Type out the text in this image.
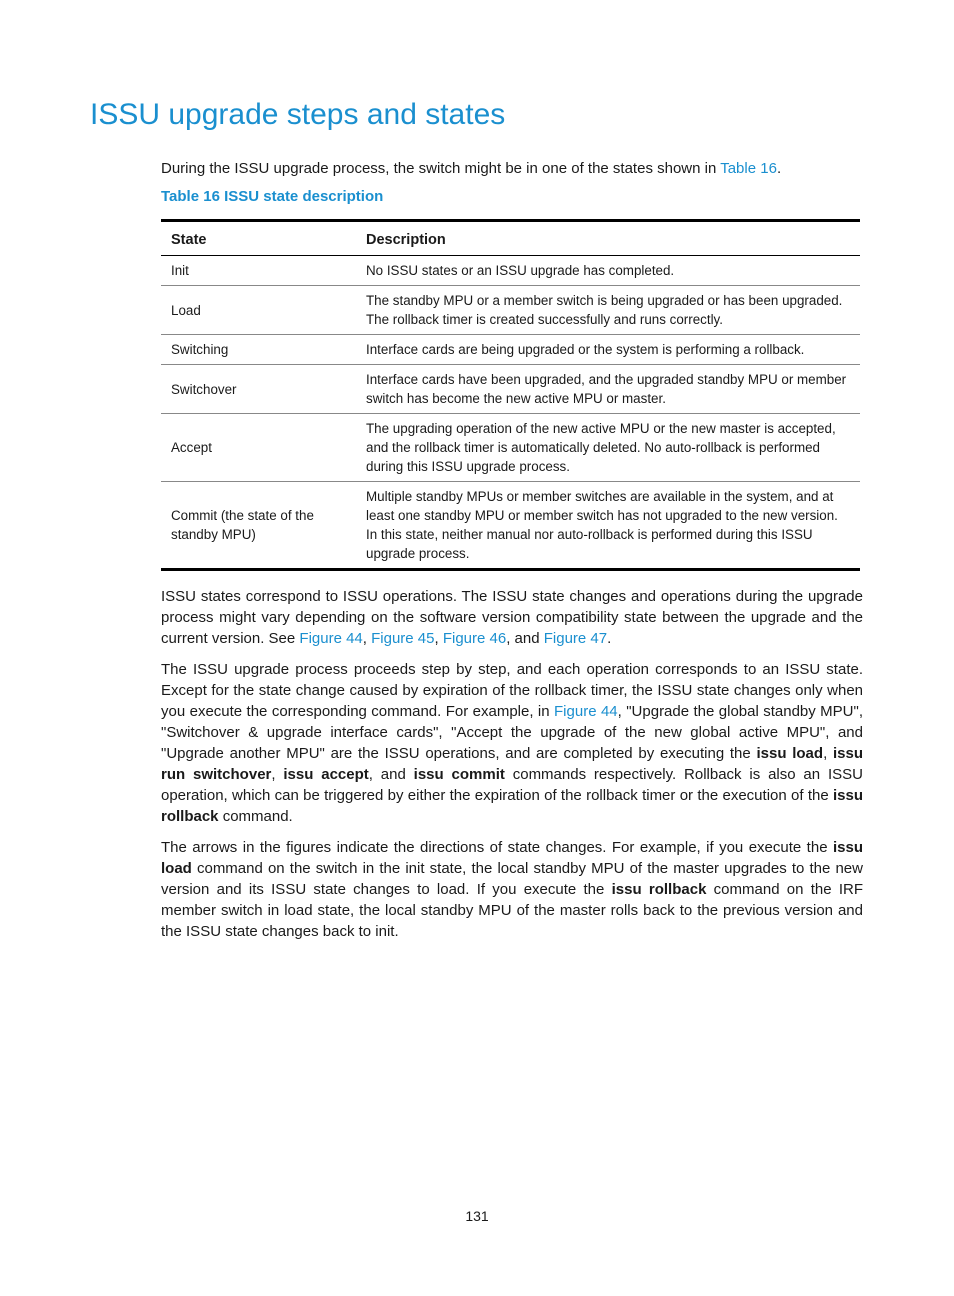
ISSU upgrade steps and states

During the ISSU upgrade process, the switch might be in one of the states shown in Table 16.

Table 16 ISSU state description

State	Description
Init	No ISSU states or an ISSU upgrade has completed.
Load	The standby MPU or a member switch is being upgraded or has been upgraded. The rollback timer is created successfully and runs correctly.
Switching	Interface cards are being upgraded or the system is performing a rollback.
Switchover	Interface cards have been upgraded, and the upgraded standby MPU or member switch has become the new active MPU or master.
Accept	The upgrading operation of the new active MPU or the new master is accepted, and the rollback timer is automatically deleted. No auto-rollback is performed during this ISSU upgrade process.
Commit (the state of the standby MPU)	Multiple standby MPUs or member switches are available in the system, and at least one standby MPU or member switch has not upgraded to the new version. In this state, neither manual nor auto-rollback is performed during this ISSU upgrade process.

ISSU states correspond to ISSU operations. The ISSU state changes and operations during the upgrade process might vary depending on the software version compatibility state between the upgrade and the current version. See Figure 44, Figure 45, Figure 46, and Figure 47.

The ISSU upgrade process proceeds step by step, and each operation corresponds to an ISSU state. Except for the state change caused by expiration of the rollback timer, the ISSU state changes only when you execute the corresponding command. For example, in Figure 44, "Upgrade the global standby MPU", "Switchover & upgrade interface cards", "Accept the upgrade of the new global active MPU", and "Upgrade another MPU" are the ISSU operations, and are completed by executing the issu load, issu run switchover, issu accept, and issu commit commands respectively. Rollback is also an ISSU operation, which can be triggered by either the expiration of the rollback timer or the execution of the issu rollback command.

The arrows in the figures indicate the directions of state changes. For example, if you execute the issu load command on the switch in the init state, the local standby MPU of the master upgrades to the new version and its ISSU state changes to load. If you execute the issu rollback command on the IRF member switch in load state, the local standby MPU of the master rolls back to the previous version and the ISSU state changes back to init.

131
